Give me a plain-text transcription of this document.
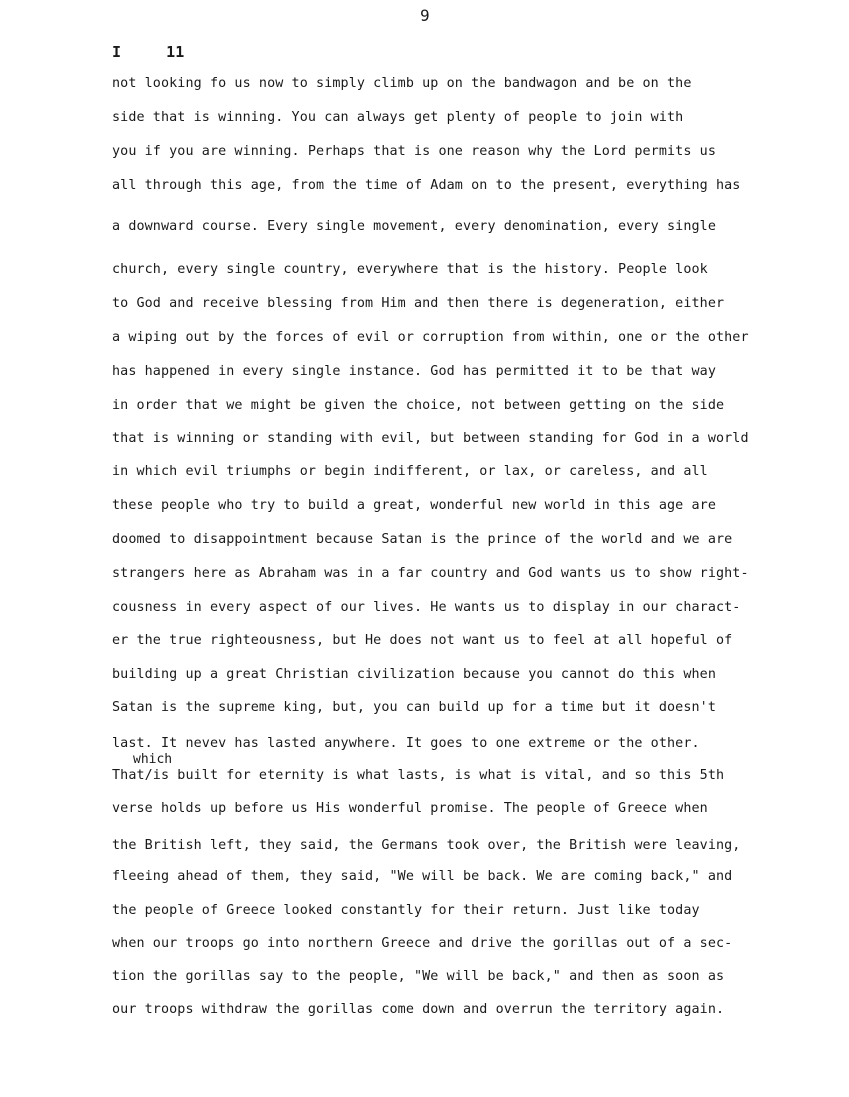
9
I     11
not looking fo us now to simply climb up on the bandwagon and be on the
side that is winning. You can always get plenty of people to join with
you if you are winning. Perhaps that is one reason why the Lord permits us
all through this age, from the time of Adam on to the present, everything has
a downward course. Every single movement, every denomination, every single
church, every single country, everywhere that is the history. People look
to God and receive blessing from Him and then there is degeneration, either
a wiping out by the forces of evil or corruption from within, one or the other
has happened in every single instance. God has permitted it to be that way
in order that we might be given the choice, not between getting on the side
that is winning or standing with evil, but between standing for God in a world
in which evil triumphs or begin indifferent, or lax, or careless, and all
these people who try to build a great, wonderful new world in this age are
doomed to disappointment because Satan is the prince of the world and we are
strangers here as Abraham was in a far country and God wants us to show right-
cousness in every aspect of our lives. He wants us to display in our charact-
er the true righteousness, but He does not want us to feel at all hopeful of
building up a great Christian civilization because you cannot do this when
Satan is the supreme king, but, you can build up for a time but it doesn't
last. It nevev has lasted anywhere. It goes to one extreme or the other.
which
That/is built for eternity is what lasts, is what is vital, and so this 5th
verse holds up before us His wonderful promise. The people of Greece when
the British left, they said, the Germans took over, the British were leaving,
fleeing ahead of them, they said, "We will be back. We are coming back," and
the people of Greece looked constantly for their return. Just like today
when our troops go into northern Greece and drive the gorillas out of a sec-
tion the gorillas say to the people, "We will be back," and then as soon as
our troops withdraw the gorillas come down and overrun the territory again.
